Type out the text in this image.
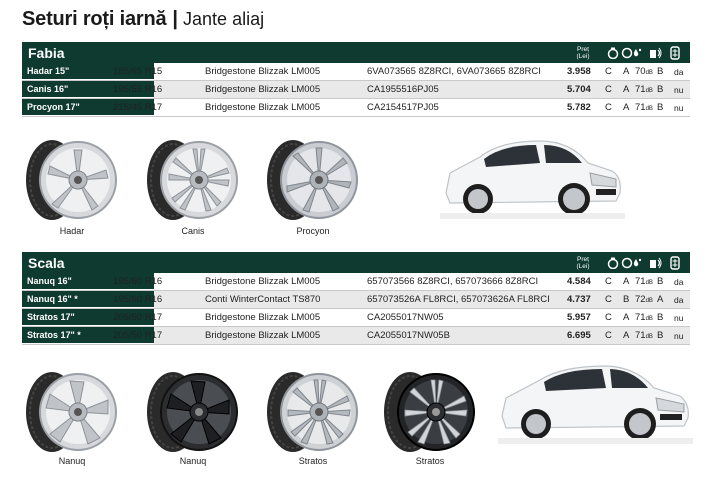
Seturi roți iarnă | Jante aliaj
Fabia	Preț
(Lei)
Hadar 15"	185/65 R15	Bridgestone Blizzak LM005	6VA073565 8Z8RCI, 6VA073665 8Z8RCI	3.958 C A 70dB B da
Canis 16"	195/55 R16	Bridgestone Blizzak LM005	CA1955516PJ05	5.704 C A 71dB B nu
Procyon 17"	215/45 R17	Bridgestone Blizzak LM005	CA2154517PJ05	5.782 C A 71dB B nu
Hadar	Canis	Procyon
Scala	Preț
(Lei)
Nanuq 16"	195/60 R16	Bridgestone Blizzak LM005	657073566 8Z8RCI, 657073666 8Z8RCI	4.584 C A 71dB B da
Nanuq 16" *	195/60 R16	Conti WinterContact TS870	657073526A FL8RCI, 657073626A FL8RCI 4.737 C B 72dB A da
Stratos 17"	205/50 R17	Bridgestone Blizzak LM005	CA2055017NW05	5.957 C A 71dB B nu
Stratos 17" *	205/50 R17	Bridgestone Blizzak LM005	CA2055017NW05B	6.695 C A 71dB B nu
Nanuq	Nanuq	Stratos	Stratos
